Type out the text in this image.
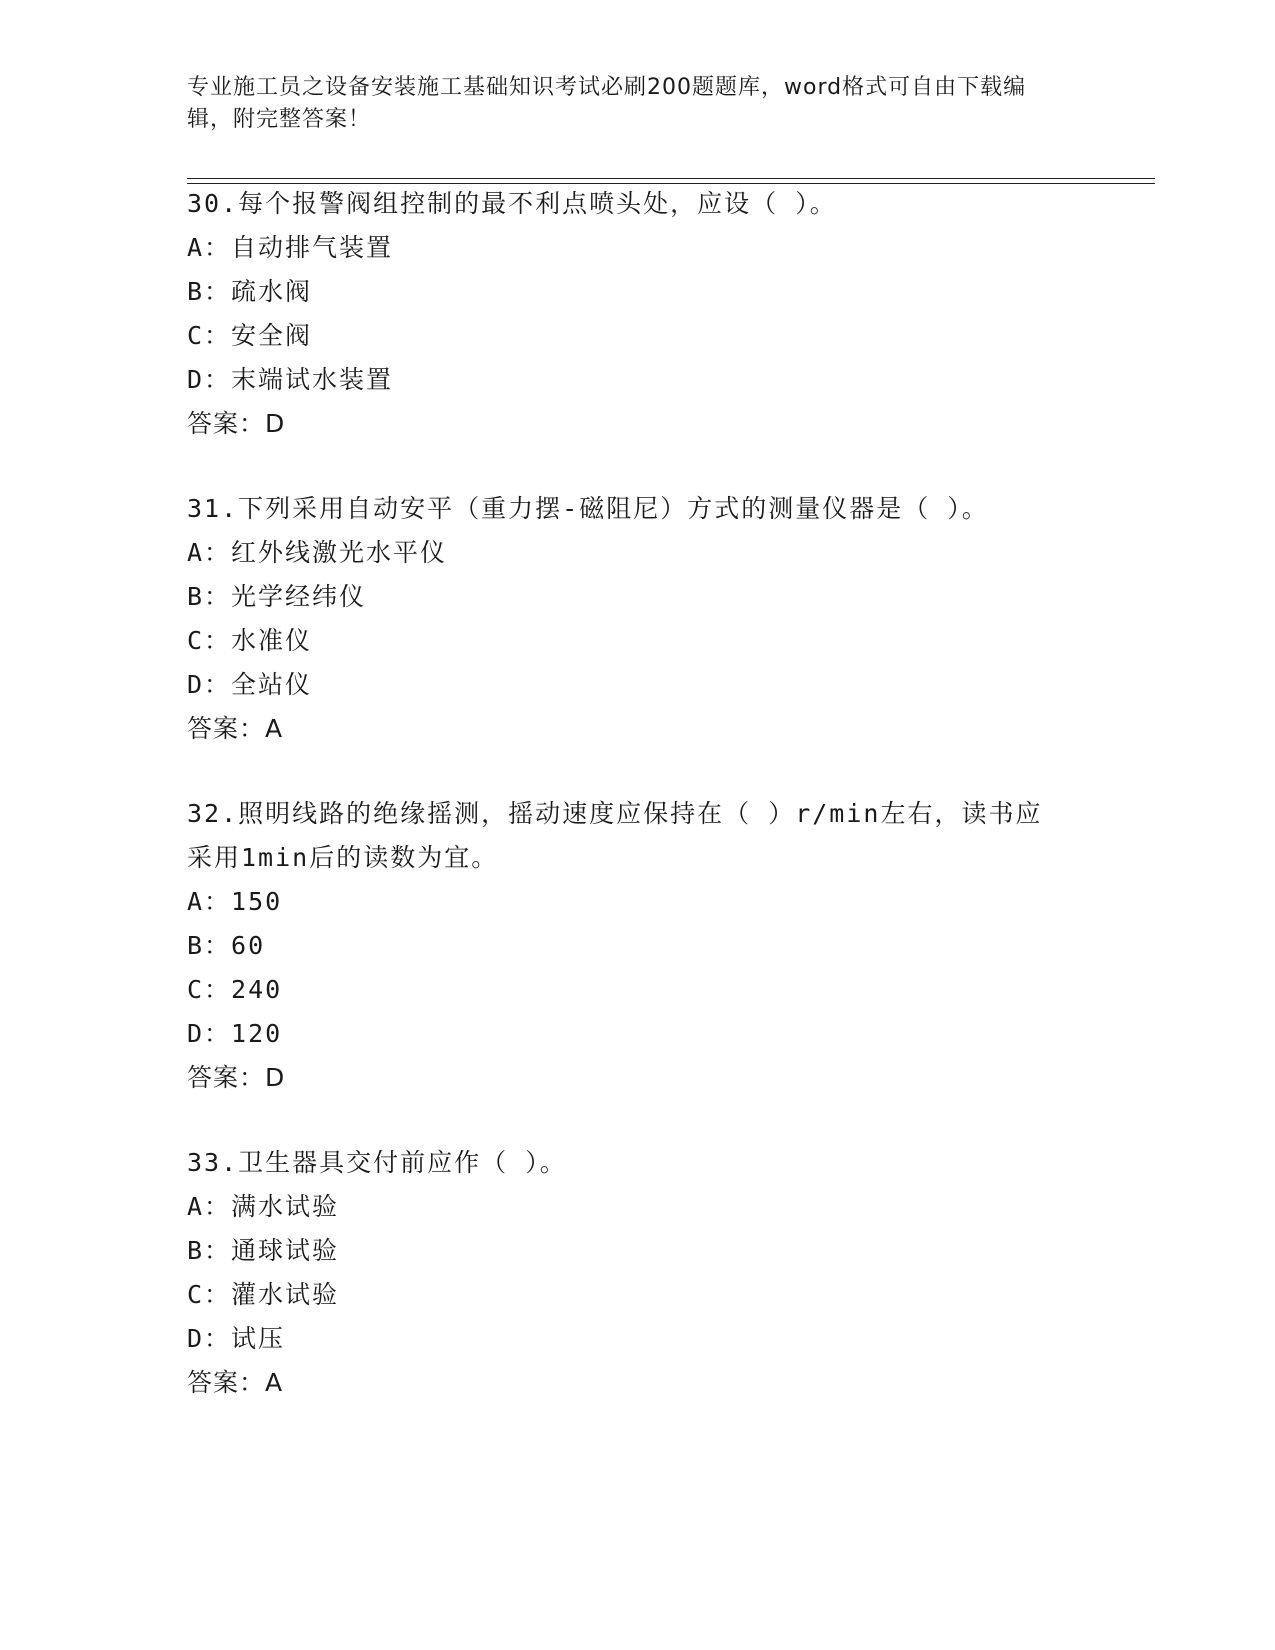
专业施工员之设备安装施工基础知识考试必刷200题题库，word格式可自由下载编辑，附完整答案！
30.每个报警阀组控制的最不利点喷头处，应设（ ）。
A：自动排气装置
B：疏水阀
C：安全阀
D：末端试水装置
答案：D
31.下列采用自动安平（重力摆-磁阻尼）方式的测量仪器是（ ）。
A：红外线激光水平仪
B：光学经纬仪
C：水准仪
D：全站仪
答案：A
32.照明线路的绝缘摇测，摇动速度应保持在（ ）r/min左右，读书应
采用1min后的读数为宜。
A：150
B：60
C：240
D：120
答案：D
33.卫生器具交付前应作（ ）。
A：满水试验
B：通球试验
C：灌水试验
D：试压
答案：A
